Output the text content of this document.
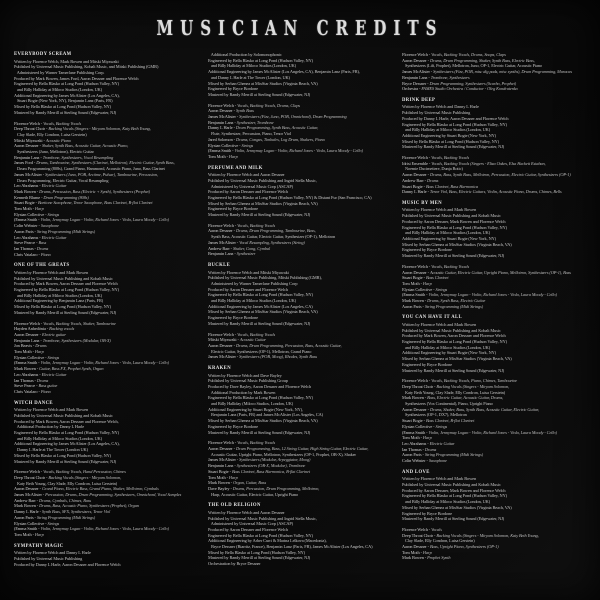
MUSICIAN CREDITS
EVERYBODY SCREAM
Written by Florence Welch, Mark Bowen and Mitski Miyawaki
Published by Universal Music Publishing, Kobalt Music, and Mitski Publishing (GMR)
Administered by Warner Tamerlane Publishing Corp.
Produced by Mark Bowen, James Ford, Aaron Dessner and Florence Welch
Engineered by Bella Blasko at Long Pond (Hudson Valley, NY)
and Billy Halliday at Miloco Studios (London, UK)
Additional Engineering by James McAlister (Los Angeles, CA),
Stuart Bogie (New York, NY), Benjamin Lanz (Paris, FR)
Mixed by Bella Blasko at Long Pond (Hudson Valley, NY)
Mastered by Randy Merrill at Sterling Sound (Edgewater, NJ)
Florence Welch - Vocals, Backing Vocals
Deep Throat Choir - Backing Vocals (Singers - Miryam Solomon, Katy Beth Young,
Clay Slade, Elly Condron, Luisa Gerstein)
Mitski Miyawaki - Acoustic Piano
Aaron Dessner - Shaker, Synth Bass, Acoustic Guitar, Acoustic Piano,
Synthesizers (Juno, Mellotron), Electric Guitar
Benjamin Lanz - Trombone, Synthesizers, Vocal Resampling
James Ford - Drums, Tambourine, Synthesizers (Clarinet, Mellotron), Electric Guitar, Synth Bass,
Drum Programming (808s), Grand Piano, Hammond, Acoustic Piano, Juno, Bass Clarinet
James McAlister - Synthesizers (Juno, POB, Arctime, Pulsar), Tambourine, Percussion,
Drum Programming, Electric Guitar, Vocal Resampling
Leo Abrahams - Electric Guitar
Mark Bowen - Drums, Percussion, Bass (Electric + Synth), Synthesizers (Prophet)
Kenneth Blume - Drum Programming (808s)
Stuart Bogie - Baritone Saxophone, Tenor Saxophone, Bass Clarinet, B-flat Clarinet
Tom Moth - Harp
Elysian Collective - Strings
(Emma Smith - Violin, Jennymay Logan - Violin, Richard Jones - Viola, Laura Moody - Cello)
Colin Webster - Saxophone
Aaron Paris - String Programming (Midi Strings)
Leo Abrahams - Electric Guitar
Steve Pearce - Bass
Ian Thomas - Drums
Chris Vatalaro - Piano
ONE OF THE GREATS
Written by Florence Welch and Mark Bowen
Published by Universal Music Publishing and Kobalt Music
Produced by Mark Bowen, Aaron Dessner and Florence Welch
Engineered by Bella Blasko at Long Pond (Hudson Valley, NY)
and Billy Halliday at Miloco Studios (London, UK)
Additional Engineering by Benjamin Lanz (Paris, FR)
Mixed by Bella Blasko at Long Pond (Hudson Valley, NY)
Mastered by Randy Merrill at Sterling Sound (Edgewater, NJ)
Florence Welch - Vocals, Backing Vocals, Shaker, Tambourine
Hayden Anhedönia - Backing vocals
Aaron Dessner - Electric guitar
Benjamin Lanz - Trombone, Synthesizers (Modular, OB-X)
Jon Beavis - Drums
Tom Moth - Harp
Elysian Collective - Strings
(Emma Smith - Violin, Jennymay Logan - Violin, Richard Jones - Viola, Laura Moody - Cello)
Mark Bowen - Guitar, Bass FX, Prophet Synth, Organ
Leo Abrahams - Electric Guitar
Ian Thomas - Drums
Steve Pearce - Bass guitar
Chris Vatalaro - Piano
WITCH DANCE
Written by Florence Welch and Mark Bowen
Published by Universal Music Publishing and Kobalt Music
Produced by Mark Bowen, Aaron Dessner and Florence Welch,
Additional Production by Danny L Harle
Engineered by Bella Blasko at Long Pond (Hudson Valley, NY)
and Billy Halliday at Miloco Studios (London, UK)
Additional Engineering by James McAlister (Los Angeles, CA),
Danny L Harle at The Tower (London UK)
Mixed by Bella Blasko at Long Pond (Hudson Valley, NY)
Mastered by Randy Merrill at Sterling Sound (Edgewater, NJ)
Florence Welch - Vocals, Backing Vocals, Hand Percussion, Chimes
Deep Throat Choir - Backing Vocals (Singers - Miryam Solomon,
Katy Beth Young, Clay Slade, Elly Condron, Luisa Gerstein)
Aaron Dessner - Grand Piano, Electric Bass, Grand Piano, Shaker, Mellotron, Cymbals
James McAlister - Percussion, Drums, Drum Programming, Synthesizers, Omnichord, Vocal Samples
Andrew Barr - Drums, Cymbals, Chimes, Bass
Mark Bowen - Drums, Bass, Acoustic Piano, Synthesizers (Prophet), Organ
Danny L Harle - Synth Bass, SFX, Synthesizers, Tenor Viol
Aaron Paris - String Programming (Midi Strings)
Elysian Collective - Strings
(Emma Smith - Violin, Jennymay Logan - Violin, Richard Jones - Viola, Laura Moody - Cello)
Tom Moth - Harp
SYMPATHY MAGIC
Written by Florence Welch and Danny L Harle
Published by Universal Music Publishing
Produced by Danny L Harle, Aaron Dessner and Florence Welch
Additional Production by Solomonophonic
Engineered by Bella Blasko at Long Pond (Hudson Valley, NY)
and Billy Halliday at Miloco Studios (London, UK)
Additional Engineering by James McAlister (Los Angeles, CA), Benjamin Lanz (Paris, FR),
and Danny L Harle at The Tower (London, UK)
Mixed by Serban Ghenea at MixStar Studios (Virginia Beach, VA)
Engineered by Bryce Bordone
Mastered by Randy Merrill at Sterling Sound (Edgewater, NJ)
Florence Welch - Vocals, Backing Vocals, Drums, Claps
Aaron Dessner - Synth Bass
James McAlister - Synthesizers (Fizz, Juno, POB, Omnichord), Drum Programming
Benjamin Lanz - Synthesizer, Trombone
Danny L Harle - Drum Programming, Synth Bass, Acoustic Guitar,
Flute, Synthesizer, Percussion, Piano, Tenor Viol
Jared Solomon - Drums, Congas, Timbales, Log Drum, Shakers, Piano
Elysian Collective - Strings
(Emma Smith - Violin, Jennymay Logan - Violin, Richard Jones - Viola, Laura Moody - Cello)
Tom Moth - Harp
PERFUME AND MILK
Written by Florence Welch and Aaron Dessner
Published by Universal Music Publishing and Ingrid Stella Music,
Administered by Universal Music Corp (ASCAP)
Produced by Aaron Dessner and Florence Welch
Engineered by Bella Blasko at Long Pond (Hudson Valley, NY) & Distant Fur (San Francisco, CA)
Mixed by Serban Ghenea at MixStar Studios (Virginia Beach, VA)
Engineered by Bryce Bordone
Mastered by Randy Merrill at Sterling Sound (Edgewater, NJ)
Florence Welch - Vocals, Backing Vocals
Aaron Dessner - Drums, Drum Programming, Tambourine, Bass,
Synth Bass, Acoustic Guitar, Electric Guitar, Synthesizer (OP-1), Mellotron
James McAlister - Vocal Resampling, Synthesizers (String)
Andrew Barr - Shaker, Gong, Cymbal
Benjamin Lanz - Synthesizer
BUCKLE
Written by Florence Welch and Mitski Miyawaki
Published by Universal Music Publishing, Mitski Publishing (GMR),
Administered by Warner Tamerlane Publishing Corp
Produced by Aaron Dessner and Florence Welch
Engineered by Bella Blasko at Long Pond (Hudson Valley, NY)
and Billy Halliday at Miloco Studios (London, UK)
Additional Engineering by James McAlister (Los Angeles, CA)
Mixed by Serban Ghenea at MixStar Studios (Virginia Beach, VA)
Engineered by Bryce Bordone
Mastered by Randy Merrill at Sterling Sound (Edgewater, NJ)
Florence Welch - Vocals, Backing Vocals
Mitski Miyawaki - Acoustic Guitar
Aaron Dessner - Drums, Drum Programming, Percussion, Bass, Acoustic Guitar,
Electric Guitar, Synthesizers (OP-1), Mellotron, Grand Piano
James McAlister - Synthesizers (POB, Moog), Rhodes, Synth Bass
KRAKEN
Written by Florence Welch and Dave Bayley
Published by Universal Music Publishing Group
Produced by Dave Bayley, Aaron Dessner and Florence Welch
Additional Production by Mark Bowen
Engineered by Bella Blasko at Long Pond (Hudson Valley, NY)
and Billy Halliday (Miloco Studios, London, UK)
Additional Engineering by Stuart Bogie (New York, NY),
Benjamin Lanz (Paris, FR) and James McAlister (Los Angeles, CA)
Mixed by Serban Ghenea at MixStar Studios (Virginia Beach, VA)
Engineered by Bryce Bordone
Mastered by Randy Merrill at Sterling Sound (Edgewater, NJ)
Florence Welch - Vocals, Backing Vocals
Aaron Dessner - Drum Programming, Bass, 12 String Guitar, High String Guitar, Electric Guitar,
Acoustic Guitar, Upright Piano, Mellotron, Synthesizers (OP-1, Prophet, OB-X), Shaker
James McAlister - Synthesizers (Modular, Arpeggiator, Moog)
Benjamin Lanz - Synthesizers (OB-X, Modular), Trombone
Stuart Bogie - Bass Clarinet, Bass Harmonica, B-flat Clarinet
Tom Moth - Harp
Mark Bowen - Organ, Guitar, Bass
Dave Bayley - Drums, Percussion, Drum Programming, Mellotron,
Harp, Acoustic Guitar, Electric Guitar, Upright Piano
THE OLD RELIGION
Written by Florence Welch and Aaron Dessner
Published by Universal Music Publishing and Ingrid Stella Music,
Administered by Universal Music Corp (ASCAP)
Produced by Aaron Dessner and Florence Welch
Engineered by Bella Blasko at Long Pond (Hudson Valley, NY)
Additional Engineering by Arber Curri & Marina Lelkova (Macedonia),
Bryce Dessner (Biarritz, France), Benjamin Lanz (Paris, FR), James McAlister (Los Angeles, CA)
Mixed by Bella Blasko at Long Pond (Hudson Valley, NY)
Mastered by Randy Merrill at Sterling Sound (Edgewater, NJ)
Orchestration by Bryce Dessner
Florence Welch - Vocals, Backing Vocals, Drums, Snaps, Claps
Aaron Dessner - Drums, Drum Programming, Shaker, Synth Bass, Electric Bass,
Synthesizers (Lift, Prophet), Mellotron, Juno, OP-1, Electric Guitar, Acoustic Piano
James McAlister - Synthesizers (Fizz, POB, misc dig pads, misc synths), Drum Programming, Maracas
Benjamin Lanz - Trombone, Synthesizers
Bryce Dessner - Drum Programming, Synthesizers (Scarbo, Prophet)
Orchestra - FAMES Studio Orchestra / Conductor - Oleg Kondratenko
DRINK DEEP
Written by Florence Welch and Danny L Harle
Published by Universal Music Publishing
Produced by Danny L Harle, Aaron Dessner and Florence Welch
Engineered by Bella Blasko at Long Pond (Hudson Valley, NY)
and Billy Halliday at Miloco Studios (London, UK)
Additional Engineering by Stuart Bogie (New York, NY)
Mixed by Bella Blasko at Long Pond (Hudson Valley, NY)
Mastered by Randy Merrill at Sterling Sound (Edgewater, NJ)
Florence Welch - Vocals, Backing Vocals
Idrisi Ensemble - Vocals, Backing Vocals (Singers - Eliza Oakes, Elsa Hackett Estaban,
Noemie Ducimetiere, Dunja Botic)
Aaron Dessner - Drums, Bass, Synth Bass, Mellotron, Percussion, Electric Guitar, Synthesizers (OP-1)
Andrew Barr - Drums
Stuart Bogie - Bass Clarinet, Bass Harmonica
Danny L Harle - Tenor Viol, Bass, Electric Guitars, Violin, Acoustic Piano, Drums, Chimes, Bells
MUSIC BY MEN
Written by Florence Welch and Mark Bowen
Published by Universal Music Publishing and Kobalt Music
Produced by Aaron Dessner, Mark Bowen and Florence Welch
Engineered by Bella Blasko at Long Pond (Hudson Valley, NY)
and Billy Halliday at Miloco Studios (London, UK)
Additional Engineering by Stuart Bogie (New York, NY)
Mixed by Serban Ghenea at MixStar Studios (Virginia Beach, VA)
Engineered by Bryce Bordone
Mastered by Randy Merrill at Sterling Sound (Edgewater, NJ)
Florence Welch - Vocals, Backing Vocals
Aaron Dessner - Acoustic Guitar, Electric Guitar, Upright Piano, Mellotron, Synthesizers (OP-1), Bass
Stuart Bogie - Bass Clarinet
Tom Moth - Harp
Elysian Collective - Strings
(Emma Smith - Violin, Jennymay Logan - Violin, Richard Jones - Viola, Laura Moody - Cello)
Mark Bowen - Drums, Synth Bass, Electric Guitar
Aaron Paris - String Programming (Midi Strings)
YOU CAN HAVE IT ALL
Written by Florence Welch and Mark Bowen
Published by Universal Music Publishing and Kobalt Music
Produced by Mark Bowen, Aaron Dessner and Florence Welch
Engineered by Bella Blasko at Long Pond (Hudson Valley, NY)
and Billy Halliday at Miloco Studios (London, UK)
Additional Engineering by Stuart Bogie (New York, NY)
Mixed by Serban Ghenea at MixStar Studios (Virginia Beach, VA)
Engineered by Bryce Bordone
Mastered by Randy Merrill at Sterling Sound (Edgewater, NJ)
Florence Welch - Vocals, Backing Vocals, Piano, Chimes, Tambourine
Deep Throat Choir - Backing Vocals (Singers - Miryam Solomon,
Katy Beth Young, Clay Slade, Elly Condron, Luisa Gerstein)
Mark Bowen - Bass, Electric Guitar, Acoustic Guitar, Drums,
Synthesizers (Vox Continental), Piano, Upright Piano
Aaron Dessner - Drums, Shaker, Bass, Synth Bass, Acoustic Guitar, Electric Guitar,
Synthesizers (OP-1, DX7), Mellotron
Stuart Bogie - Bass Clarinet, B-flat Clarinet
Elysian Collective - Strings
(Emma Smith - Violin, Jennymay Logan - Violin, Richard Jones - Viola, Laura Moody - Cello)
Tom Moth - Harp
Leo Abrahams - Electric Guitar
Ian Thomas - Drums
Aaron Paris - String Programming (Midi Strings)
Colin Webster - Saxophone
AND LOVE
Written by Florence Welch and Mark Bowen
Published by Universal Music Publishing and Kobalt Music
Produced by Aaron Dessner, Mark Bowen and Florence Welch
Engineered by Bella Blasko at Long Pond (Hudson Valley, NY)
and Billy Halliday at Miloco Studios (London, UK)
Mixed by Serban Ghenea at MixStar Studios (Virginia Beach, VA)
Engineered by Bryce Bordone
Mastered by Randy Merrill at Sterling Sound (Edgewater, NJ)
Florence Welch - Vocals
Deep Throat Choir - Backing Vocals (Singers - Miryam Solomon, Katy Beth Young,
Clay Slade, Elly Condron, Luisa Gerstein)
Aaron Dessner - Bass, Upright Piano, Synthesizers (OP-1)
Tom Moth - Harp
Mark Bowen - Prophet Synth
